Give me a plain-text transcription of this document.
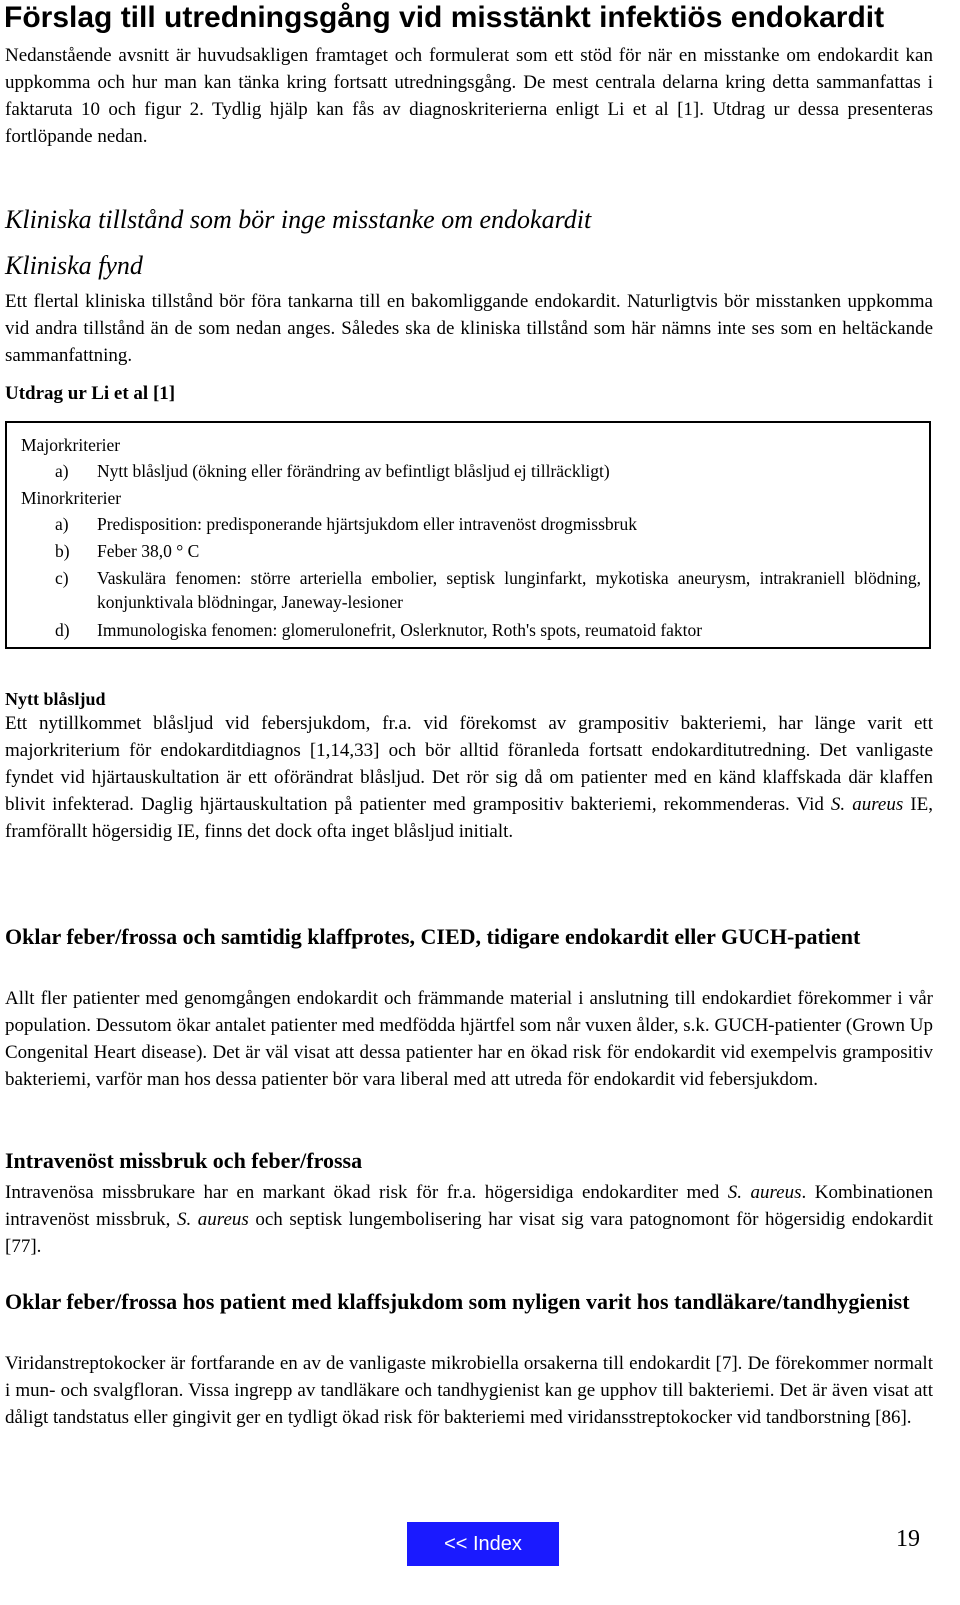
Förslag till utredningsgång vid misstänkt infektiös endokardit

Nedanstående avsnitt är huvudsakligen framtaget och formulerat som ett stöd för när en misstanke om endokardit kan uppkomma och hur man kan tänka kring fortsatt utredningsgång. De mest centrala delarna kring detta sammanfattas i faktaruta 10 och figur 2. Tydlig hjälp kan fås av diagnoskriterierna enligt Li et al [1]. Utdrag ur dessa presenteras fortlöpande nedan.

Kliniska tillstånd som bör inge misstanke om endokardit
Kliniska fynd

Ett flertal kliniska tillstånd bör föra tankarna till en bakomliggande endokardit. Naturligtvis bör misstanken uppkomma vid andra tillstånd än de som nedan anges. Således ska de kliniska tillstånd som här nämns inte ses som en heltäckande sammanfattning.

Utdrag ur Li et al [1]

Majorkriterier

a)	Nytt blåsljud (ökning eller förändring av befintligt blåsljud ej tillräckligt)

Minorkriterier

a)	Predisposition: predisponerande hjärtsjukdom eller intravenöst drogmissbruk
b)	Feber 38,0 ° C
c)	Vaskulära fenomen: större arteriella embolier, septisk lunginfarkt, mykotiska aneurysm, intrakraniell blödning, konjunktivala blödningar, Janeway-lesioner
d)	Immunologiska fenomen: glomerulonefrit, Oslerknutor, Roth's spots, reumatoid faktor

Nytt blåsljud

Ett nytillkommet blåsljud vid febersjukdom, fr.a. vid förekomst av grampositiv bakteriemi, har länge varit ett majorkriterium för endokarditdiagnos [1,14,33] och bör alltid föranleda fortsatt endokarditutredning. Det vanligaste fyndet vid hjärtauskultation är ett oförändrat blåsljud. Det rör sig då om patienter med en känd klaffskada där klaffen blivit infekterad. Daglig hjärtauskultation på patienter med grampositiv bakteriemi, rekommenderas. Vid S. aureus IE, framförallt högersidig IE, finns det dock ofta inget blåsljud initialt.

Oklar feber/frossa och samtidig klaffprotes, CIED, tidigare endokardit eller GUCH-patient

Allt fler patienter med genomgången endokardit och främmande material i anslutning till endokardiet förekommer i vår population. Dessutom ökar antalet patienter med medfödda hjärtfel som når vuxen ålder, s.k. GUCH-patienter (Grown Up Congenital Heart disease). Det är väl visat att dessa patienter har en ökad risk för endokardit vid exempelvis grampositiv bakteriemi, varför man hos dessa patienter bör vara liberal med att utreda för endokardit vid febersjukdom.

Intravenöst missbruk och feber/frossa

Intravenösa missbrukare har en markant ökad risk för fr.a. högersidiga endokarditer med S. aureus. Kombinationen intravenöst missbruk, S. aureus och septisk lungembolisering har visat sig vara patognomont för högersidig endokardit [77].

Oklar feber/frossa hos patient med klaffsjukdom som nyligen varit hos tandläkare/tandhygienist

Viridanstreptokocker är fortfarande en av de vanligaste mikrobiella orsakerna till endokardit [7]. De förekommer normalt i mun- och svalgfloran. Vissa ingrepp av tandläkare och tandhygienist kan ge upphov till bakteriemi. Det är även visat att dåligt tandstatus eller gingivit ger en tydligt ökad risk för bakteriemi med viridansstreptokocker vid tandborstning [86].

<< Index	19
